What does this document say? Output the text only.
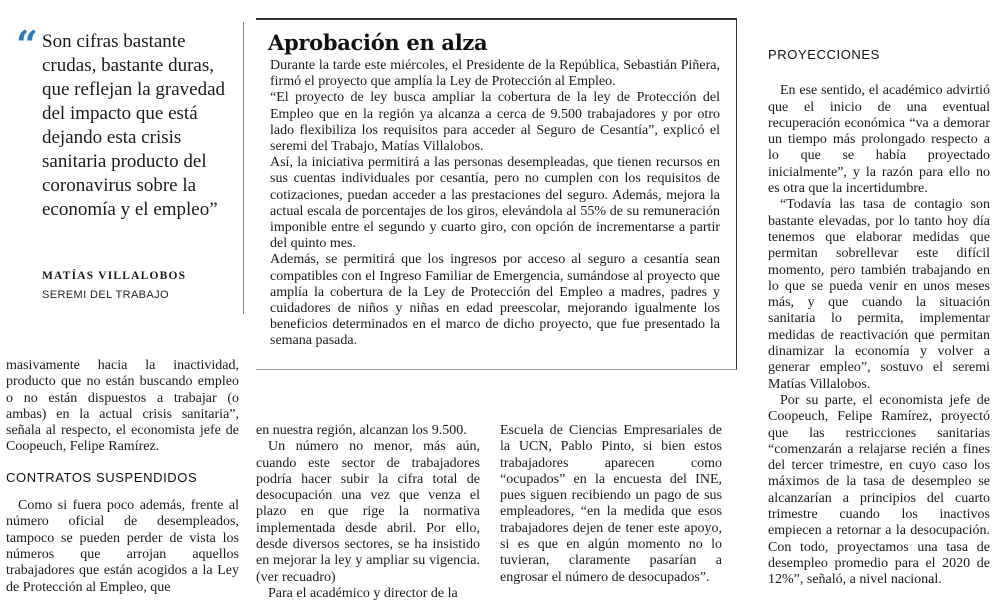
“ Son cifras bastante crudas, bastante duras, que reflejan la gravedad del impacto que está dejando esta crisis sanitaria producto del coronavirus sobre la economía y el empleo”
MATÍAS VILLALOBOS
SEREMI DEL TRABAJO
Aprobación en alza

Durante la tarde este miércoles, el Presidente de la República, Sebastián Piñera, firmó el proyecto que amplía la Ley de Protección al Empleo.

“El proyecto de ley busca ampliar la cobertura de la ley de Protección del Empleo que en la región ya alcanza a cerca de 9.500 trabajadores y por otro lado flexibiliza los requisitos para acceder al Seguro de Cesantía”, explicó el seremi del Trabajo, Matías Villalobos.

Así, la iniciativa permitirá a las personas desempleadas, que tienen recursos en sus cuentas individuales por cesantía, pero no cumplen con los requisitos de cotizaciones, puedan acceder a las prestaciones del seguro. Además, mejora la actual escala de porcentajes de los giros, elevándola al 55% de su remuneración imponible entre el segundo y cuarto giro, con opción de incrementarse a partir del quinto mes.

Además, se permitirá que los ingresos por acceso al seguro a cesantía sean compatibles con el Ingreso Familiar de Emergencia, sumándose al proyecto que amplía la cobertura de la Ley de Protección del Empleo a madres, padres y cuidadores de niños y niñas en edad preescolar, mejorando igualmente los beneficios determinados en el marco de dicho proyecto, que fue presentado la semana pasada.

masivamente hacia la inactividad, producto que no están buscando empleo o no están dispuestos a trabajar (o ambas) en la actual crisis sanitaria”, señala al respecto, el economista jefe de Coopeuch, Felipe Ramírez.

CONTRATOS SUSPENDIDOS

Como si fuera poco además, frente al número oficial de desempleados, tampoco se pueden perder de vista los números que arrojan aquellos trabajadores que están acogidos a la Ley de Protección al Empleo, que

en nuestra región, alcanzan los 9.500.

Un número no menor, más aún, cuando este sector de trabajadores podría hacer subir la cifra total de desocupación una vez que venza el plazo en que rige la normativa implementada desde abril. Por ello, desde diversos sectores, se ha insistido en mejorar la ley y ampliar su vigencia. (ver recuadro)

Para el académico y director de la

Escuela de Ciencias Empresariales de la UCN, Pablo Pinto, si bien estos trabajadores aparecen como “ocupados” en la encuesta del INE, pues siguen recibiendo un pago de sus empleadores, “en la medida que esos trabajadores dejen de tener este apoyo, si es que en algún momento no lo tuvieran, claramente pasarían a engrosar el número de desocupados”.

PROYECCIONES

En ese sentido, el académico advirtió que el inicio de una eventual recuperación económica “va a demorar un tiempo más prolongado respecto a lo que se había proyectado inicialmente”, y la razón para ello no es otra que la incertidumbre.

“Todavía las tasa de contagio son bastante elevadas, por lo tanto hoy día tenemos que elaborar medidas que permitan sobrellevar este difícil momento, pero también trabajando en lo que se pueda venir en unos meses más, y que cuando la situación sanitaria lo permita, implementar medidas de reactivación que permitan dinamizar la economía y volver a generar empleo”, sostuvo el seremi Matías Villalobos.

Por su parte, el economista jefe de Coopeuch, Felipe Ramírez, proyectó que las restricciones sanitarias “comenzarán a relajarse recién a fines del tercer trimestre, en cuyo caso los máximos de la tasa de desempleo se alcanzarían a principios del cuarto trimestre cuando los inactivos empiecen a retornar a la desocupación. Con todo, proyectamos una tasa de desempleo promedio para el 2020 de 12%”, señaló, a nivel nacional.
